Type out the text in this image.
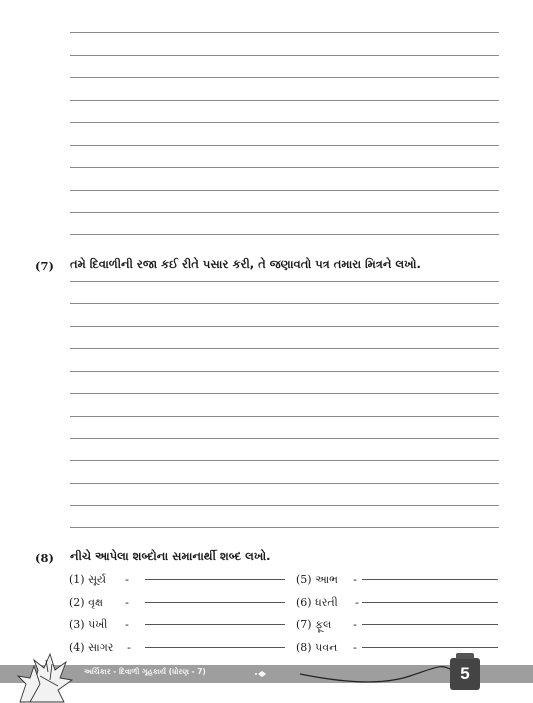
(7) તમે દિવાળીની રજા કઈ રીતે પસાર કરી, તે જણાવતો પત્ર તમારા મિત્રને લખો.
(8) નીચે આપેલા શબ્દોના સમાનાર્થી શબ્દ લખો.
(1) સૂર્ય -
(2) વૃક્ષ -
(3) પંખી -
(4) સાગર -
(5) આભ -
(6) ધરતી -
(7) ફૂલ -
(8) પવન -
અર્ચિકાર - દિવાળી ગૃહકાર્ય (ધોરણ - 7)	5
